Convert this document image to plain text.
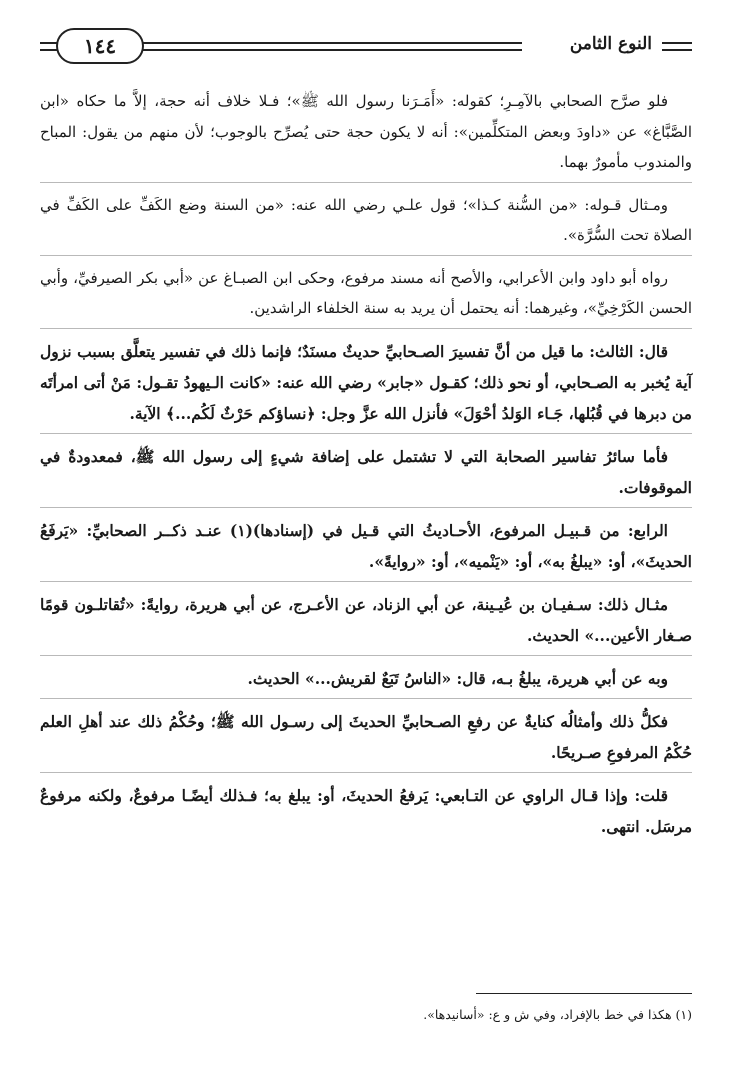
النوع الثامن
١٤٤

فلو صرَّح الصحابي بالآمِـرِ؛ كقوله: «أَمَـرَنا رسول الله ﷺ»؛ فـلا خلاف أنه حجة، إلاَّ ما حكاه «ابن الصَّبَّاغ» عن «داودَ وبعض المتكلِّمين»: أنه لا يكون حجة حتى يُصرِّح بالوجوب؛ لأن منهم من يقول: المباح والمندوب مأمورٌ بهما.

ومـثال قـوله: «من السُّنة كـذا»؛ قول علـي رضي الله عنه: «من السنة وضع الكَفِّ على الكَفِّ في الصلاة تحت السُّرَّة».

رواه أبو داود وابن الأعرابي، والأصح أنه مسند مرفوع، وحكى ابن الصبـاغ عن «أبي بكر الصيرفيِّ، وأبي الحسن الكَرْخِيِّ»، وغيرهما: أنه يحتمل أن يريد به سنة الخلفاء الراشدين.

قال: الثالث: ما قيل من أنَّ تفسيرَ الصـحابيِّ حديثٌ مسنَدٌ؛ فإنما ذلك في تفسير يتعلَّق بسبب نزول آية يُخبر به الصـحابي، أو نحو ذلك؛ كقـول «جابر» رضي الله عنه: «كانت الـيهودُ تقـول: مَنْ أتى امرأتَه من دبرها في قُبُلها، جَـاء الوَلدُ أحْوَلَ» فأنزل الله عزَّ وجل: ﴿نساؤكم حَرْثٌ لَكُم...﴾ الآية.

فأما سائرُ تفاسير الصحابة التي لا تشتمل على إضافة شيءٍ إلى رسول الله ﷺ، فمعدودةٌ في الموقوفات.

الرابع: من قـبيـل المرفوع، الأحـاديثُ التي قـيل في (إسنادها)(١) عنـد ذكــر الصحابيِّ: «يَرفَعُ الحديثَ»، أو: «يبلغُ به»، أو: «يَنْميه»، أو: «روايةً».

مثـال ذلك: سـفيـان بن عُيـينة، عن أبي الزناد، عن الأعـرج، عن أبي هريرة، روايةً: «تُقاتلـون قومًا صـغار الأعين...» الحديث.

وبه عن أبي هريرة، يبلغُ بـه، قال: «الناسُ تَبَعٌ لقريش...» الحديث.

فكلُّ ذلك وأمثالُه كنايةٌ عن رفعِ الصـحابيِّ الحديثَ إلى رسـول الله ﷺ؛ وحُكْمُ ذلك عند أهلِ العلم حُكْمُ المرفوعِ صـريحًا.

قلت: وإذا قـال الراوي عن التـابعي: يَرفعُ الحديثَ، أو: يبلغ به؛ فـذلك أيضًـا مرفوعٌ، ولكنه مرفوعٌ مرسَل. انتهى.

(١) هكذا في خط بالإفراد، وفي ش و ع: «أسانيدها».
